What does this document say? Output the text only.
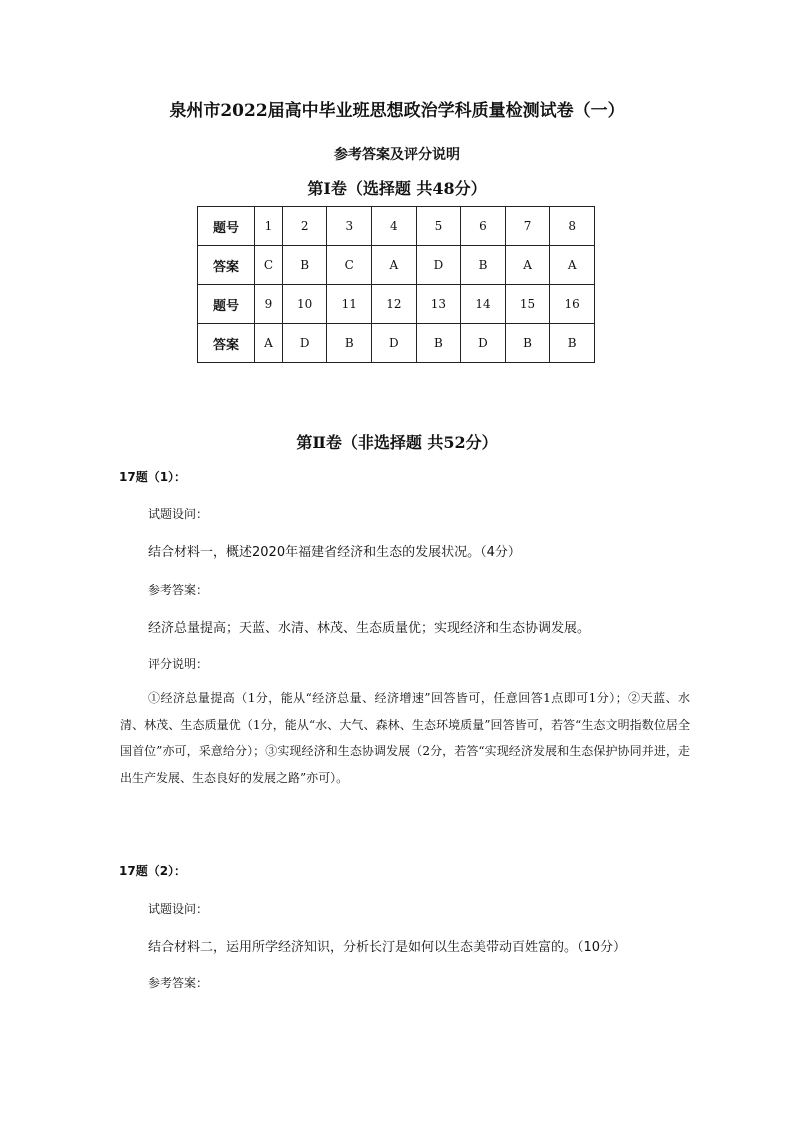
泉州市2022届高中毕业班思想政治学科质量检测试卷（一）
参考答案及评分说明
第Ⅰ卷（选择题 共48分）
题号	1	2	3	4	5	6	7	8
答案	C	B	C	A	D	B	A	A
题号	9	10	11	12	13	14	15	16
答案	A	D	B	D	B	D	B	B
第Ⅱ卷（非选择题 共52分）
17题（1）：
试题设问：
结合材料一，概述2020年福建省经济和生态的发展状况。（4分）
参考答案：
经济总量提高；天蓝、水清、林茂、生态质量优；实现经济和生态协调发展。
评分说明：
①经济总量提高（1分，能从“经济总量、经济增速”回答皆可，任意回答1点即可1分）；②天蓝、水清、林茂、生态质量优（1分，能从“水、大气、森林、生态环境质量”回答皆可，若答“生态文明指数位居全国首位”亦可，采意给分）；③实现经济和生态协调发展（2分，若答“实现经济发展和生态保护协同并进，走出生产发展、生态良好的发展之路”亦可）。
17题（2）：
试题设问：
结合材料二，运用所学经济知识，分析长汀是如何以生态美带动百姓富的。（10分）
参考答案：
